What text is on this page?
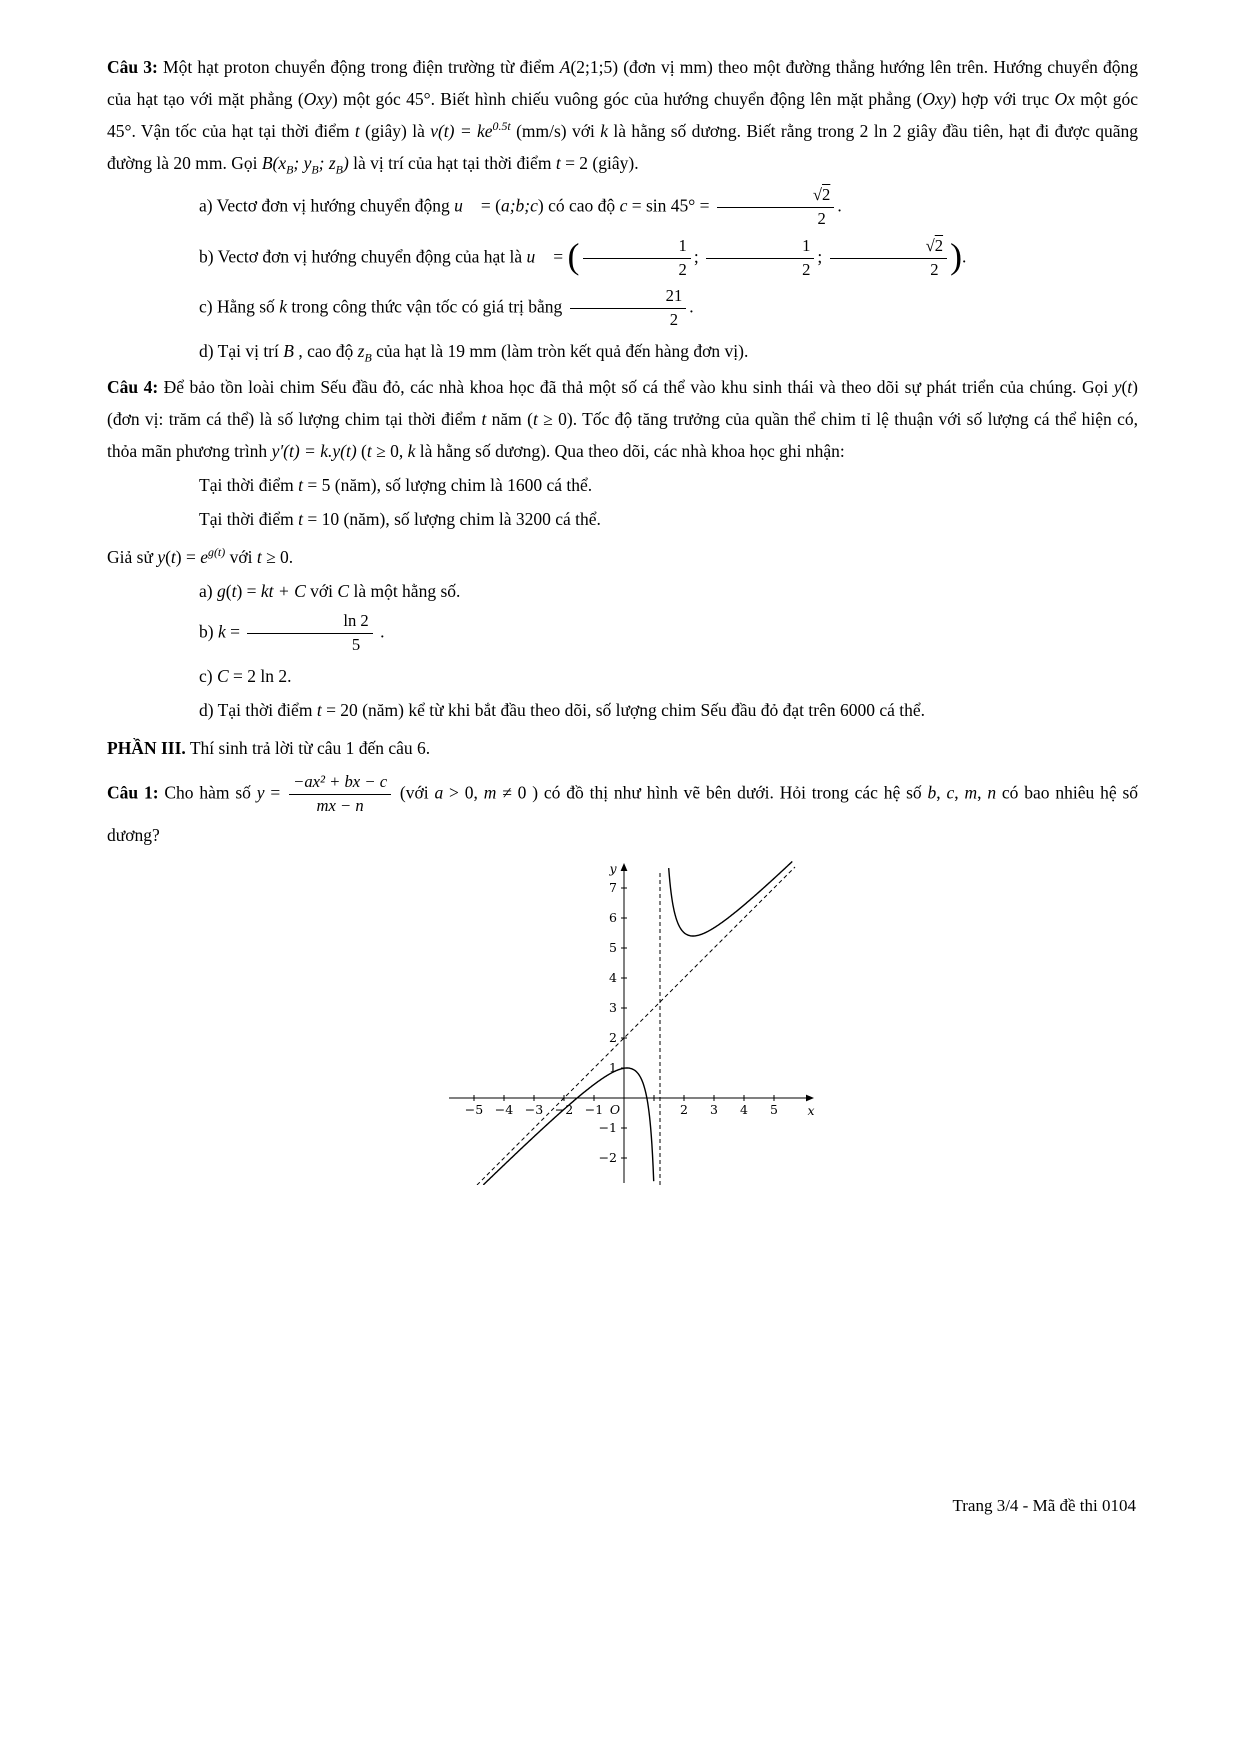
Câu 3: Một hạt proton chuyển động trong điện trường từ điểm A(2;1;5) (đơn vị mm) theo một đường thẳng hướng lên trên. Hướng chuyển động của hạt tạo với mặt phẳng (Oxy) một góc 45°. Biết hình chiếu vuông góc của hướng chuyển động lên mặt phẳng (Oxy) hợp với trục Ox một góc 45°. Vận tốc của hạt tại thời điểm t (giây) là $v(t) = ke^{0.5t}$ (mm/s) với k là hằng số dương. Biết rằng trong 2 ln 2 giây đầu tiên, hạt đi được quãng đường là 20 mm. Gọi $B(x_B$; $y_B$; $z_B$) là vị trí của hạt tại thời điểm t = 2 (giây).

a) Vectơ đơn vị hướng chuyển động u⃗ = (a;b;c) có cao độ $c = \sin 45^\circ = \frac{√2}{2}$ .

b) Vectơ đơn vị hướng chuyển động của hạt là u⃗ = ( $\frac{1}{2}$ ; $\frac{1}{2}$ ; $\frac{√2}{2}$ ).

c) Hằng số k trong công thức vận tốc có giá trị bằng $\frac{21}{2}$ .

d) Tại vị trí B , cao độ $z_B$ của hạt là 19 mm (làm tròn kết quả đến hàng đơn vị).

Câu 4: Để bảo tồn loài chim Sếu đầu đỏ, các nhà khoa học đã thả một số cá thể vào khu sinh thái và theo dõi sự phát triển của chúng. Gọi y(t) (đơn vị: trăm cá thể) là số lượng chim tại thời điểm t năm (t ≥ 0). Tốc độ tăng trưởng của quần thể chim tỉ lệ thuận với số lượng cá thể hiện có, thỏa mãn phương trình y′(t) = k.y(t) (t ≥ 0, k là hằng số dương). Qua theo dõi, các nhà khoa học ghi nhận:

Tại thời điểm t = 5 (năm), số lượng chim là 1600 cá thể.

Tại thời điểm t = 10 (năm), số lượng chim là 3200 cá thể.

Giả sử $y(t) = e^{g(t)}$ với t ≥ 0.

a) g(t) = kt + C với C là một hằng số.

b) $k = \frac{\ln 2}{5}$ .

c) C = 2 ln 2.

d) Tại thời điểm t = 20 (năm) kể từ khi bắt đầu theo dõi, số lượng chim Sếu đầu đỏ đạt trên 6000 cá thể.

PHẦN III. Thí sinh trả lời từ câu 1 đến câu 6.

Câu 1: Cho hàm số $y = \frac{\text{−ax² + bx − c}}{mx - n}$ (với a > 0, m ≠ 0 ) có đồ thị như hình vẽ bên dưới. Hỏi trong các hệ số b, c, m, n có bao nhiêu hệ số dương?

−5 −4 −3 −2 −1	2 3 4 5
−2
−1
1
2
3
4
5
6
7
O	x
y
Trang 3/4 - Mã đề thi 0104
